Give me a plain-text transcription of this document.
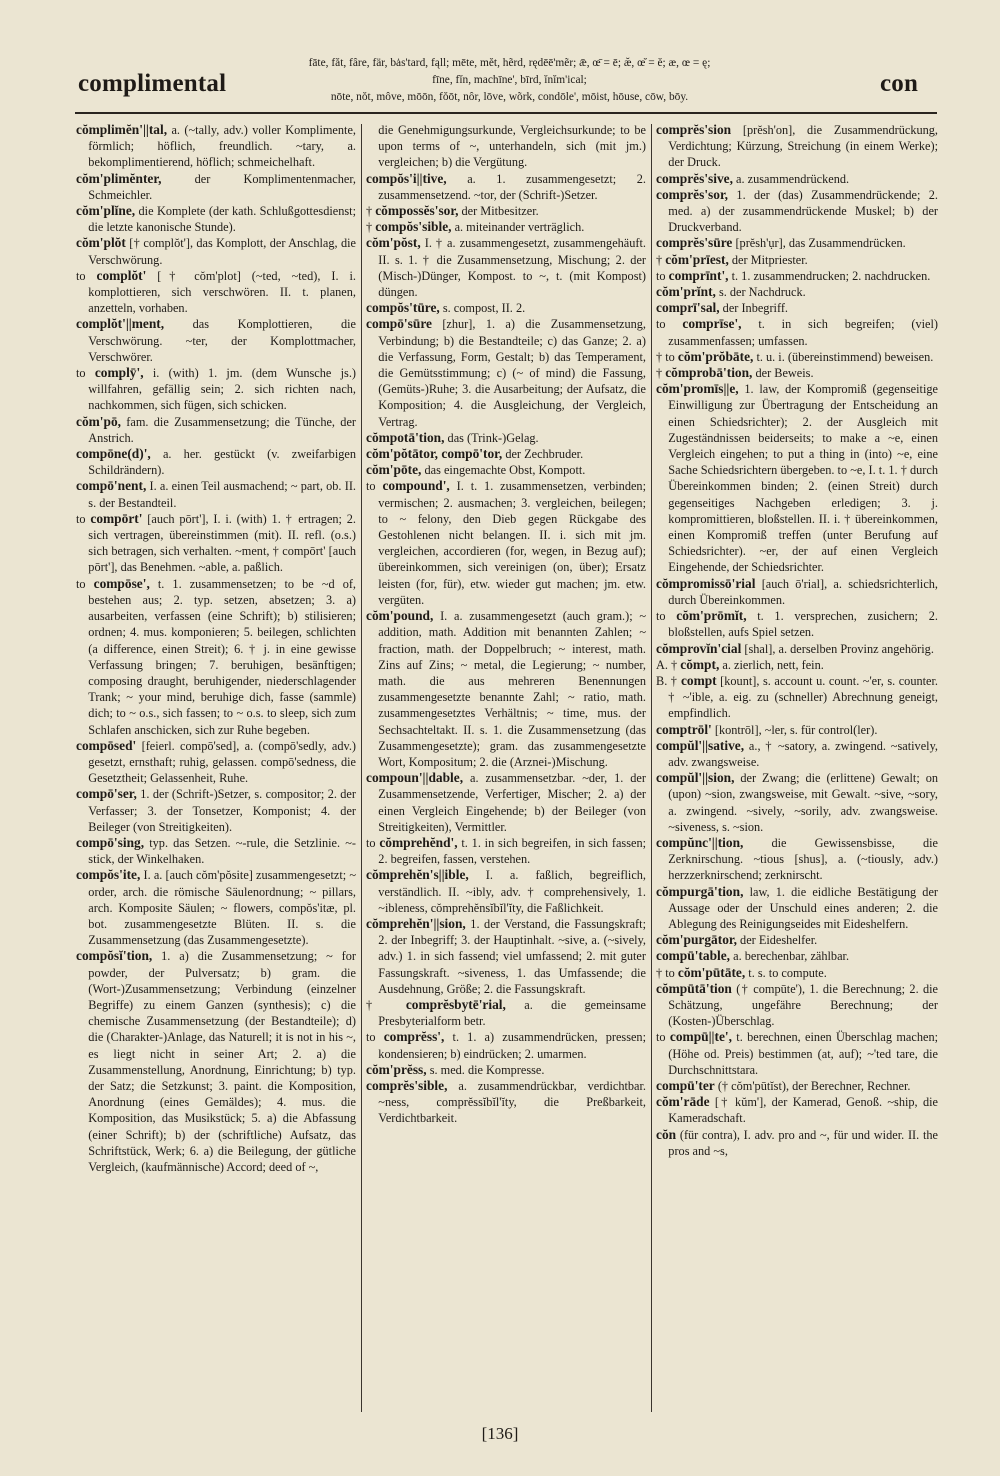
complimental
fāte, făt, fâre, fär, bȧs'tard, fąll; mēte, mĕt, hẽrd, rędēē'mẽr; ǣ, œ̄ = ē; æ̆, œ̆ = ĕ; æ, œ = ę;
fīne, fĭn, machīne', bīrd, ĭnĭm'ical;
nōte, nŏt, môve, mōōn, fŏōt, nôr, lōve, wõrk, condōle', mōist, hōuse, cōw, bōy.	con
cŏmplimĕn'||tal, a. (~tally, adv.) voller Komplimente, förmlich; höflich, freundlich. ~tary, a. bekomplimentierend, höflich; schmeichelhaft.
cŏm'plimĕnter, der Komplimentenmacher, Schmeichler.
cŏm'plĭne, die Komplete (der kath. Schlußgottesdienst; die letzte kanonische Stunde).
cŏm'plŏt [† complŏt'], das Komplott, der Anschlag, die Verschwörung.
to complŏt' [† cŏm'plot] (~ted, ~ted), I. i. komplottieren, sich verschwören. II. t. planen, anzetteln, vorhaben.
complŏt'||ment, das Komplottieren, die Verschwörung. ~ter, der Komplottmacher, Verschwörer.
to complȳ', i. (with) 1. jm. (dem Wunsche js.) willfahren, gefällig sein; 2. sich richten nach, nachkommen, sich fügen, sich schicken.
cŏm'pō, fam. die Zusammensetzung; die Tünche, der Anstrich.
compōne(d)', a. her. gestückt (v. zweifarbigen Schildrändern).
compō'nent, I. a. einen Teil ausmachend; ~ part, ob. II. s. der Bestandteil.
to compōrt' [auch pōrt'], I. i. (with) 1. † ertragen; 2. sich vertragen, übereinstimmen (mit). II. refl. (o.s.) sich betragen, sich verhalten. ~ment, † compōrt' [auch pōrt'], das Benehmen. ~able, a. paßlich.
to compōse', t. 1. zusammensetzen; to be ~d of, bestehen aus; 2. typ. setzen, absetzen; 3. a) ausarbeiten, verfassen (eine Schrift); b) stilisieren; ordnen; 4. mus. komponieren; 5. beilegen, schlichten (a difference, einen Streit); 6. † j. in eine gewisse Verfassung bringen; 7. beruhigen, besänftigen; composing draught, beruhigender, niederschlagender Trank; ~ your mind, beruhige dich, fasse (sammle) dich; to ~ o.s., sich fassen; to ~ o.s. to sleep, sich zum Schlafen anschicken, sich zur Ruhe begeben.
compōsed' [feierl. compō'sed], a. (compō'sedly, adv.) gesetzt, ernsthaft; ruhig, gelassen. compō'sedness, die Gesetztheit; Gelassenheit, Ruhe.
compō'ser, 1. der (Schrift-)Setzer, s. compositor; 2. der Verfasser; 3. der Tonsetzer, Komponist; 4. der Beileger (von Streitigkeiten).
compō'sing, typ. das Setzen. ~-rule, die Setzlinie. ~-stick, der Winkelhaken.
compŏs'ite, I. a. [auch cŏm'pŏsite] zusammengesetzt; ~ order, arch. die römische Säulenordnung; ~ pillars, arch. Komposite Säulen; ~ flowers, compŏs'itæ, pl. bot. zusammengesetzte Blüten. II. s. die Zusammensetzung (das Zusammengesetzte).
compŏsĭ'tion, 1. a) die Zusammensetzung; ~ for powder, der Pulversatz; b) gram. die (Wort-)Zusammensetzung; Verbindung (einzelner Begriffe) zu einem Ganzen (synthesis); c) die chemische Zusammensetzung (der Bestandteile); d) die (Charakter-)Anlage, das Naturell; it is not in his ~, es liegt nicht in seiner Art; 2. a) die Zusammenstellung, Anordnung, Einrichtung; b) typ. der Satz; die Setzkunst; 3. paint. die Komposition, Anordnung (eines Gemäldes); 4. mus. die Komposition, das Musikstück; 5. a) die Abfassung (einer Schrift); b) der (schriftliche) Aufsatz, das Schriftstück, Werk; 6. a) die Beilegung, der gütliche Vergleich, (kaufmännische) Accord; deed of ~,
die Genehmigungsurkunde, Vergleichsurkunde; to be upon terms of ~, unterhandeln, sich (mit jm.) vergleichen; b) die Vergütung.
compŏs'i||tive, a. 1. zusammengesetzt; 2. zusammensetzend. ~tor, der (Schrift-)Setzer.
† cŏmpossĕs'sor, der Mitbesitzer.
† compŏs'sible, a. miteinander verträglich.
cŏm'pŏst, I. † a. zusammengesetzt, zusammengehäuft. II. s. 1. † die Zusammensetzung, Mischung; 2. der (Misch-)Dünger, Kompost. to ~, t. (mit Kompost) düngen.
compŏs'tūre, s. compost, II. 2.
compō'sūre [zhur], 1. a) die Zusammensetzung, Verbindung; b) die Bestandteile; c) das Ganze; 2. a) die Verfassung, Form, Gestalt; b) das Temperament, die Gemütsstimmung; c) (~ of mind) die Fassung, (Gemüts-)Ruhe; 3. die Ausarbeitung; der Aufsatz, die Komposition; 4. die Ausgleichung, der Vergleich, Vertrag.
cŏmpotā'tion, das (Trink-)Gelag.
cŏm'pŏtātor, compō'tor, der Zechbruder.
cŏm'pōte, das eingemachte Obst, Kompott.
to compound', I. t. 1. zusammensetzen, verbinden; vermischen; 2. ausmachen; 3. vergleichen, beilegen; to ~ felony, den Dieb gegen Rückgabe des Gestohlenen nicht belangen. II. i. sich mit jm. vergleichen, accordieren (for, wegen, in Bezug auf); übereinkommen, sich vereinigen (on, über); Ersatz leisten (for, für), etw. wieder gut machen; jm. etw. vergüten.
cŏm'pound, I. a. zusammengesetzt (auch gram.); ~ addition, math. Addition mit benannten Zahlen; ~ fraction, math. der Doppelbruch; ~ interest, math. Zins auf Zins; ~ metal, die Legierung; ~ number, math. die aus mehreren Benennungen zusammengesetzte benannte Zahl; ~ ratio, math. zusammengesetztes Verhältnis; ~ time, mus. der Sechsachteltakt. II. s. 1. die Zusammensetzung (das Zusammengesetzte); gram. das zusammengesetzte Wort, Kompositum; 2. die (Arznei-)Mischung.
compoun'||dable, a. zusammensetzbar. ~der, 1. der Zusammensetzende, Verfertiger, Mischer; 2. a) der einen Vergleich Eingehende; b) der Beileger (von Streitigkeiten), Vermittler.
to cŏmprehĕnd', t. 1. in sich begreifen, in sich fassen; 2. begreifen, fassen, verstehen.
cŏmprehĕn's||ible, I. a. faßlich, begreiflich, verständlich. II. ~ibly, adv. † comprehensively, 1. ~ibleness, cŏmprehĕnsĭbĭl'ĭty, die Faßlichkeit.
cŏmprehĕn'||sion, 1. der Verstand, die Fassungskraft; 2. der Inbegriff; 3. der Hauptinhalt. ~sive, a. (~sively, adv.) 1. in sich fassend; viel umfassend; 2. mit guter Fassungskraft. ~siveness, 1. das Umfassende; die Ausdehnung, Größe; 2. die Fassungskraft.
† comprĕsbytē'rial, a. die gemeinsame Presbyterialform betr.
to comprĕss', t. 1. a) zusammendrücken, pressen; kondensieren; b) eindrücken; 2. umarmen.
cŏm'prĕss, s. med. die Kompresse.
comprĕs'sible, a. zusammendrückbar, verdichtbar. ~ness, comprĕssĭbĭl'ĭty, die Preßbarkeit, Verdichtbarkeit.
comprĕs'sion [prĕsh'on], die Zusammendrückung, Verdichtung; Kürzung, Streichung (in einem Werke); der Druck.
comprĕs'sive, a. zusammendrückend.
comprĕs'sor, 1. der (das) Zusammendrückende; 2. med. a) der zusammendrückende Muskel; b) der Druckverband.
comprĕs'sūre [prĕsh'ụr], das Zusammendrücken.
† cŏm'prīest, der Mitpriester.
to comprīnt', t. 1. zusammendrucken; 2. nachdrucken.
cŏm'prĭnt, s. der Nachdruck.
comprī'sal, der Inbegriff.
to comprīse', t. in sich begreifen; (viel) zusammenfassen; umfassen.
† to cŏm'prŏbāte, t. u. i. (übereinstimmend) beweisen.
† cŏmprobā'tion, der Beweis.
cŏm'promīs||e, 1. law, der Kompromiß (gegenseitige Einwilligung zur Übertragung der Entscheidung an einen Schiedsrichter); 2. der Ausgleich mit Zugeständnissen beiderseits; to make a ~e, einen Vergleich eingehen; to put a thing in (into) ~e, eine Sache Schiedsrichtern übergeben. to ~e, I. t. 1. † durch Übereinkommen binden; 2. (einen Streit) durch gegenseitiges Nachgeben erledigen; 3. j. kompromittieren, bloßstellen. II. i. † übereinkommen, einen Kompromiß treffen (unter Berufung auf Schiedsrichter). ~er, der auf einen Vergleich Eingehende, der Schiedsrichter.
cŏmpromissō'rial [auch ō'rial], a. schiedsrichterlich, durch Übereinkommen.
to cŏm'prōmĭt, t. 1. versprechen, zusichern; 2. bloßstellen, aufs Spiel setzen.
cŏmprovĭn'cial [shal], a. derselben Provinz angehörig.
A. † cŏmpt, a. zierlich, nett, fein.
B. † compt [kount], s. account u. count. ~'er, s. counter. † ~'ible, a. eig. zu (schneller) Abrechnung geneigt, empfindlich.
comptrōl' [kontrōl], ~ler, s. für control(ler).
compŭl'||sative, a., † ~satory, a. zwingend. ~satively, adv. zwangsweise.
compŭl'||sion, der Zwang; die (erlittene) Gewalt; on (upon) ~sion, zwangsweise, mit Gewalt. ~sive, ~sory, a. zwingend. ~sively, ~sorily, adv. zwangsweise. ~siveness, s. ~sion.
compŭnc'||tion, die Gewissensbisse, die Zerknirschung. ~tious [shus], a. (~tiously, adv.) herzzerknirschend; zerknirscht.
cŏmpurgā'tion, law, 1. die eidliche Bestätigung der Aussage oder der Unschuld eines anderen; 2. die Ablegung des Reinigungseides mit Eideshelfern.
cŏm'purgātor, der Eideshelfer.
compū'table, a. berechenbar, zählbar.
† to cŏm'pūtāte, t. s. to compute.
cŏmpūtā'tion († compūte'), 1. die Berechnung; 2. die Schätzung, ungefähre Berechnung; der (Kosten-)Überschlag.
to compū||te', t. berechnen, einen Überschlag machen; (Höhe od. Preis) bestimmen (at, auf); ~'ted tare, die Durchschnittstara.
compū'ter († cŏm'pūtĭst), der Berechner, Rechner.
cŏm'rāde [† kŭm'], der Kamerad, Genoß. ~ship, die Kameradschaft.
cŏn (für contra), I. adv. pro and ~, für und wider. II. the pros and ~s,
[136]
